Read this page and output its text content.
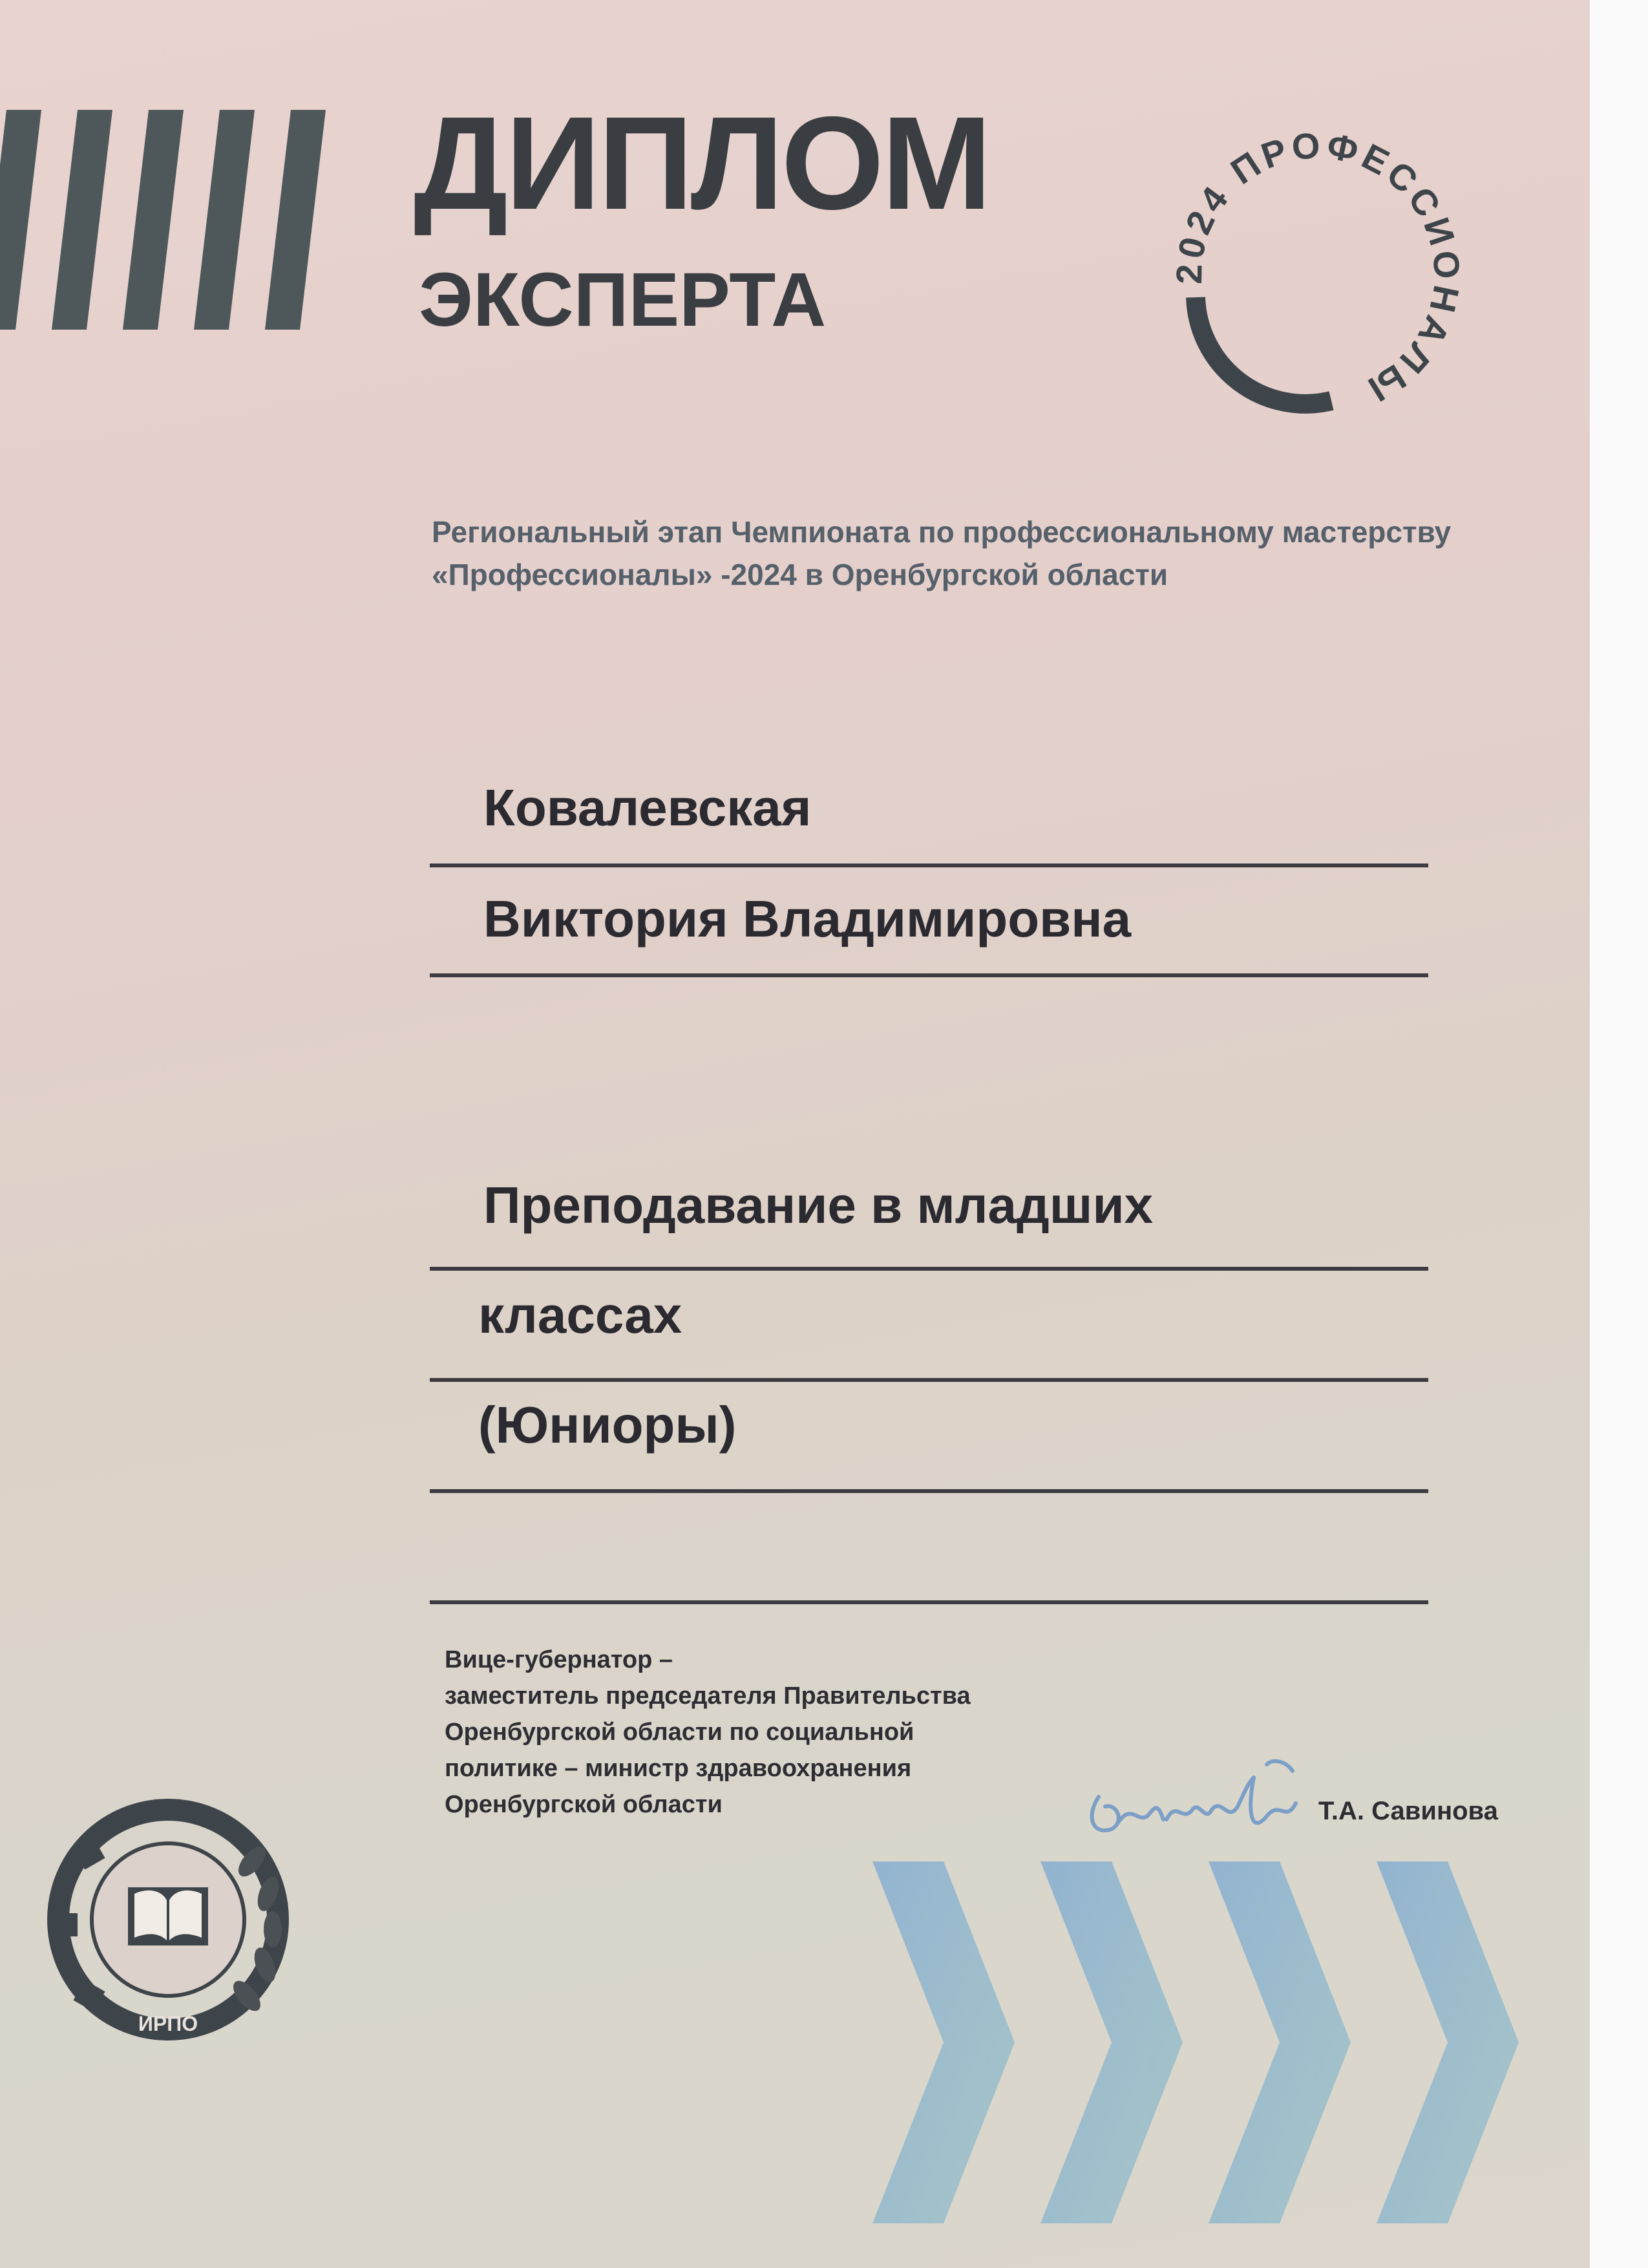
ДИПЛОМ
ЭКСПЕРТА	2024 ПРОФЕССИОНАЛЫ
Региональный этап Чемпионата по профессиональному мастерству
«Профессионалы» -2024 в Оренбургской области
Ковалевская
Виктория Владимировна
Преподавание в младших
классах
(Юниоры)
Вице-губернатор –
заместитель председателя Правительства
Оренбургской области по социальной
политике – министр здравоохранения
Оренбургской области	Т.А. Савинова
ИРПО
